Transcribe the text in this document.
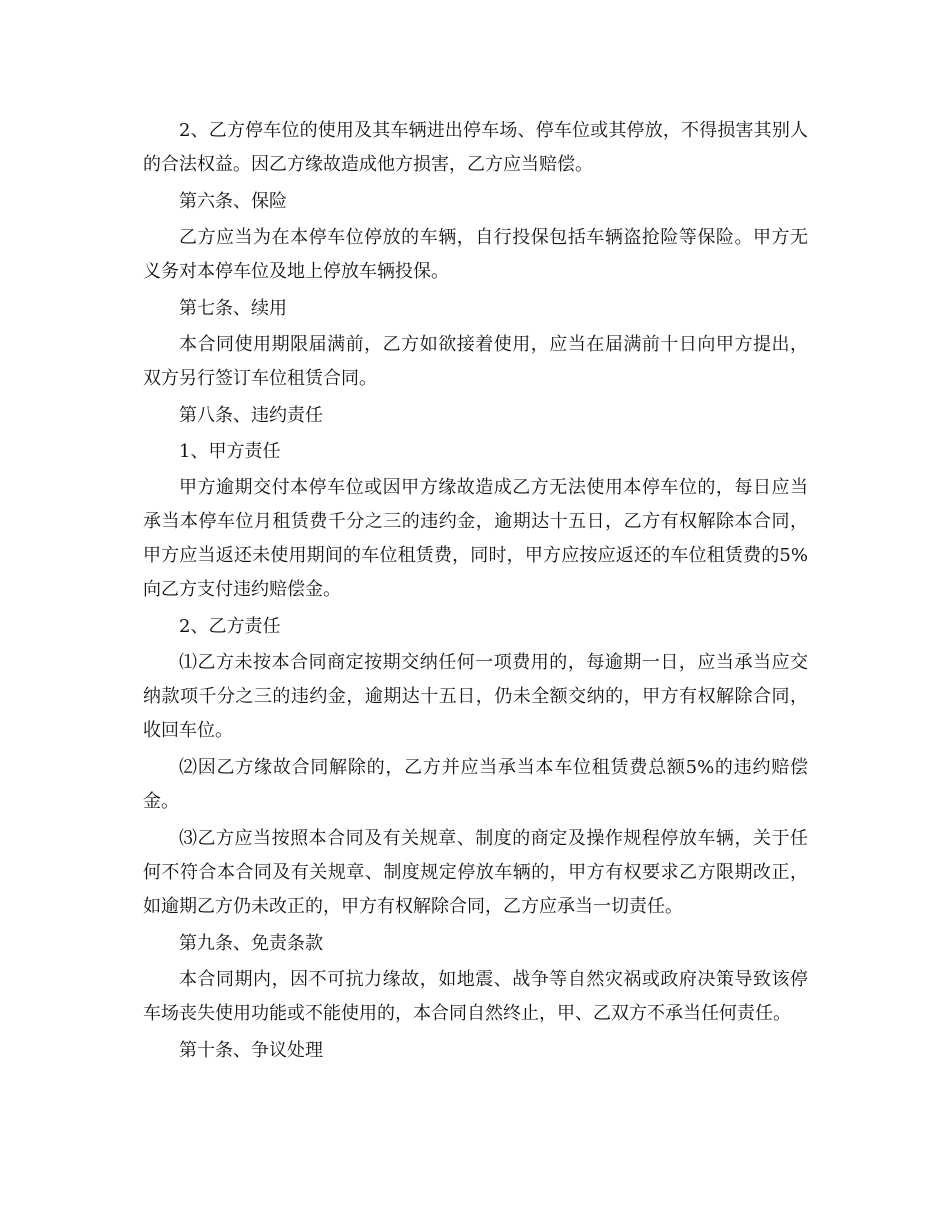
2、乙方停车位的使用及其车辆进出停车场、停车位或其停放，不得损害其别人的合法权益。因乙方缘故造成他方损害，乙方应当赔偿。

第六条、保险

乙方应当为在本停车位停放的车辆，自行投保包括车辆盗抢险等保险。甲方无义务对本停车位及地上停放车辆投保。

第七条、续用

本合同使用期限届满前，乙方如欲接着使用，应当在届满前十日向甲方提出，双方另行签订车位租赁合同。

第八条、违约责任

1、甲方责任

甲方逾期交付本停车位或因甲方缘故造成乙方无法使用本停车位的，每日应当承当本停车位月租赁费千分之三的违约金，逾期达十五日，乙方有权解除本合同，甲方应当返还未使用期间的车位租赁费，同时，甲方应按应返还的车位租赁费的5%向乙方支付违约赔偿金。

2、乙方责任

⑴乙方未按本合同商定按期交纳任何一项费用的，每逾期一日，应当承当应交纳款项千分之三的违约金，逾期达十五日，仍未全额交纳的，甲方有权解除合同，收回车位。

⑵因乙方缘故合同解除的，乙方并应当承当本车位租赁费总额5%的违约赔偿金。

⑶乙方应当按照本合同及有关规章、制度的商定及操作规程停放车辆，关于任何不符合本合同及有关规章、制度规定停放车辆的，甲方有权要求乙方限期改正，如逾期乙方仍未改正的，甲方有权解除合同，乙方应承当一切责任。

第九条、免责条款

本合同期内，因不可抗力缘故，如地震、战争等自然灾祸或政府决策导致该停车场丧失使用功能或不能使用的，本合同自然终止，甲、乙双方不承当任何责任。

第十条、争议处理
